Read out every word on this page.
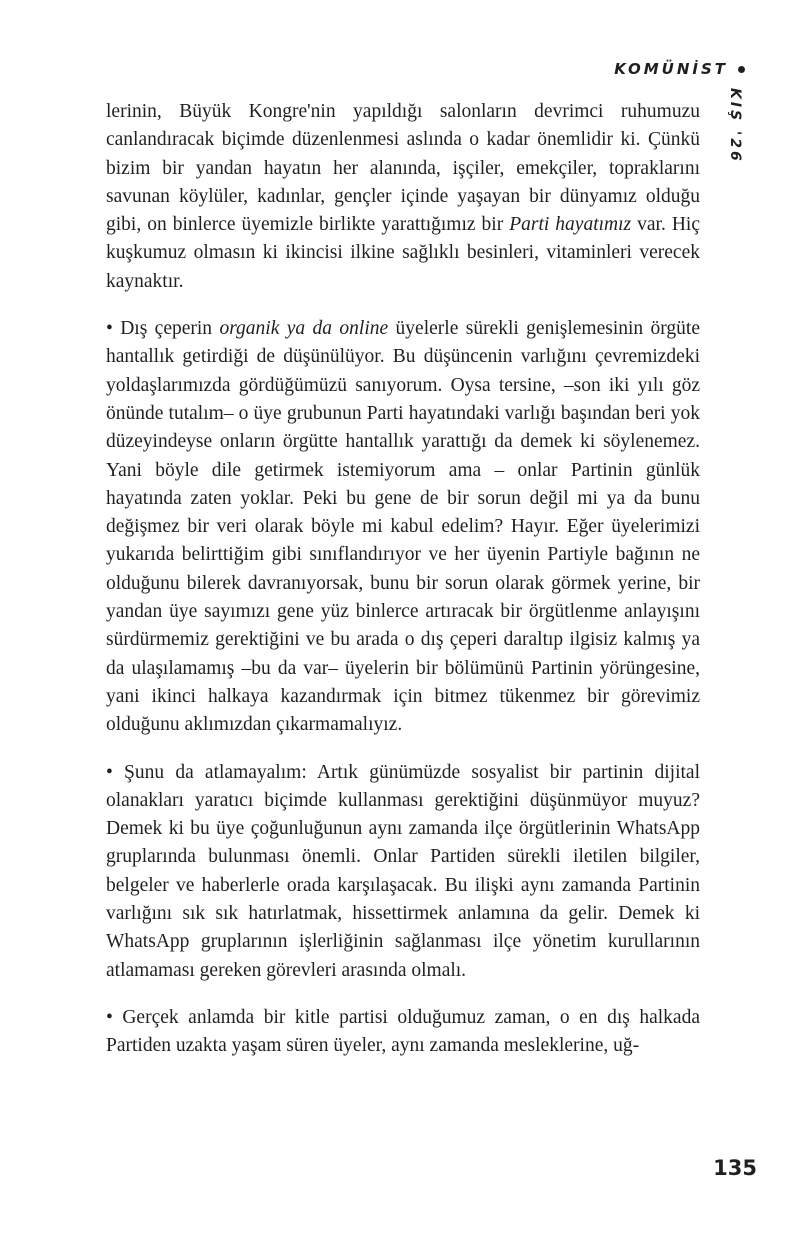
KOMÜNİST
KIŞ '26

lerinin, Büyük Kongre'nin yapıldığı salonların devrimci ruhumuzu canlandıracak biçimde düzenlenmesi aslında o kadar önemlidir ki. Çünkü bizim bir yandan hayatın her alanında, işçiler, emekçiler, topraklarını savunan köylüler, kadınlar, gençler içinde yaşayan bir dünyamız olduğu gibi, on binlerce üyemizle birlikte yarattığımız bir Parti hayatımız var. Hiç kuşkumuz olmasın ki ikincisi ilkine sağlıklı besinleri, vitaminleri verecek kaynaktır.

• Dış çeperin organik ya da online üyelerle sürekli genişlemesinin örgüte hantallık getirdiği de düşünülüyor. Bu düşüncenin varlığını çevremizdeki yoldaşlarımızda gördüğümüzü sanıyorum. Oysa tersine, –son iki yılı göz önünde tutalım– o üye grubunun Parti hayatındaki varlığı başından beri yok düzeyindeyse onların örgütte hantallık yarattığı da demek ki söylenemez. Yani böyle dile getirmek istemiyorum ama – onlar Partinin günlük hayatında zaten yoklar. Peki bu gene de bir sorun değil mi ya da bunu değişmez bir veri olarak böyle mi kabul edelim? Hayır. Eğer üyelerimizi yukarıda belirttiğim gibi sınıflandırıyor ve her üyenin Partiyle bağının ne olduğunu bilerek davranıyorsak, bunu bir sorun olarak görmek yerine, bir yandan üye sayımızı gene yüz binlerce artıracak bir örgütlenme anlayışını sürdürmemiz gerektiğini ve bu arada o dış çeperi daraltıp ilgisiz kalmış ya da ulaşılamamış –bu da var– üyelerin bir bölümünü Partinin yörüngesine, yani ikinci halkaya kazandırmak için bitmez tükenmez bir görevimiz olduğunu aklımızdan çıkarmamalıyız.

• Şunu da atlamayalım: Artık günümüzde sosyalist bir partinin dijital olanakları yaratıcı biçimde kullanması gerektiğini düşünmüyor muyuz? Demek ki bu üye çoğunluğunun aynı zamanda ilçe örgütlerinin WhatsApp gruplarında bulunması önemli. Onlar Partiden sürekli iletilen bilgiler, belgeler ve haberlerle orada karşılaşacak. Bu ilişki aynı zamanda Partinin varlığını sık sık hatırlatmak, hissettirmek anlamına da gelir. Demek ki WhatsApp gruplarının işlerliğinin sağlanması ilçe yönetim kurullarının atlamaması gereken görevleri arasında olmalı.

• Gerçek anlamda bir kitle partisi olduğumuz zaman, o en dış halkada Partiden uzakta yaşam süren üyeler, aynı zamanda mesleklerine, uğ-

135
